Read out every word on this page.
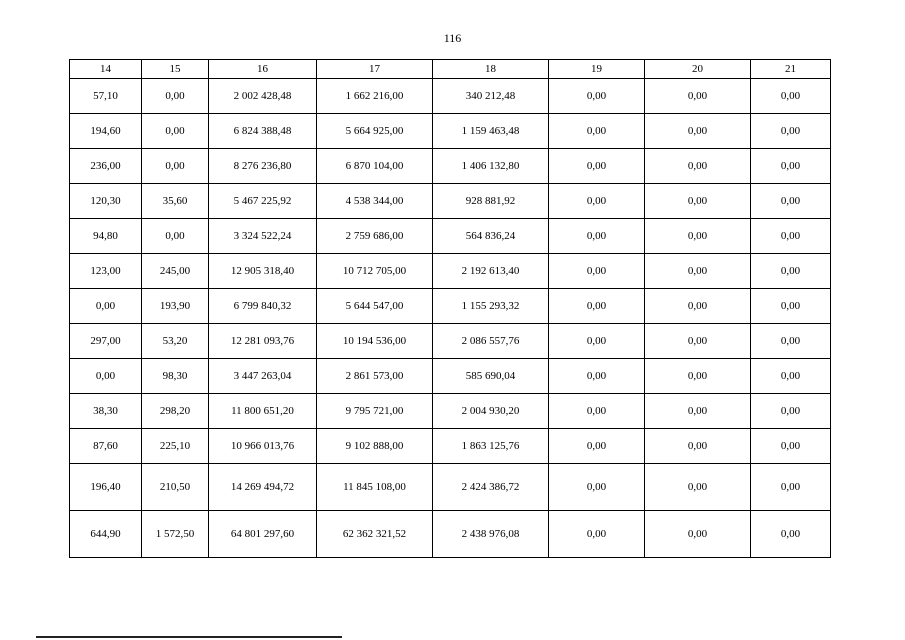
116
14	15	16	17	18	19	20	21
57,10	0,00	2 002 428,48	1 662 216,00	340 212,48	0,00	0,00	0,00
194,60	0,00	6 824 388,48	5 664 925,00	1 159 463,48	0,00	0,00	0,00
236,00	0,00	8 276 236,80	6 870 104,00	1 406 132,80	0,00	0,00	0,00
120,30	35,60	5 467 225,92	4 538 344,00	928 881,92	0,00	0,00	0,00
94,80	0,00	3 324 522,24	2 759 686,00	564 836,24	0,00	0,00	0,00
123,00	245,00	12 905 318,40	10 712 705,00	2 192 613,40	0,00	0,00	0,00
0,00	193,90	6 799 840,32	5 644 547,00	1 155 293,32	0,00	0,00	0,00
297,00	53,20	12 281 093,76	10 194 536,00	2 086 557,76	0,00	0,00	0,00
0,00	98,30	3 447 263,04	2 861 573,00	585 690,04	0,00	0,00	0,00
38,30	298,20	11 800 651,20	9 795 721,00	2 004 930,20	0,00	0,00	0,00
87,60	225,10	10 966 013,76	9 102 888,00	1 863 125,76	0,00	0,00	0,00
196,40	210,50	14 269 494,72	11 845 108,00	2 424 386,72	0,00	0,00	0,00
644,90	1 572,50	64 801 297,60	62 362 321,52	2 438 976,08	0,00	0,00	0,00
